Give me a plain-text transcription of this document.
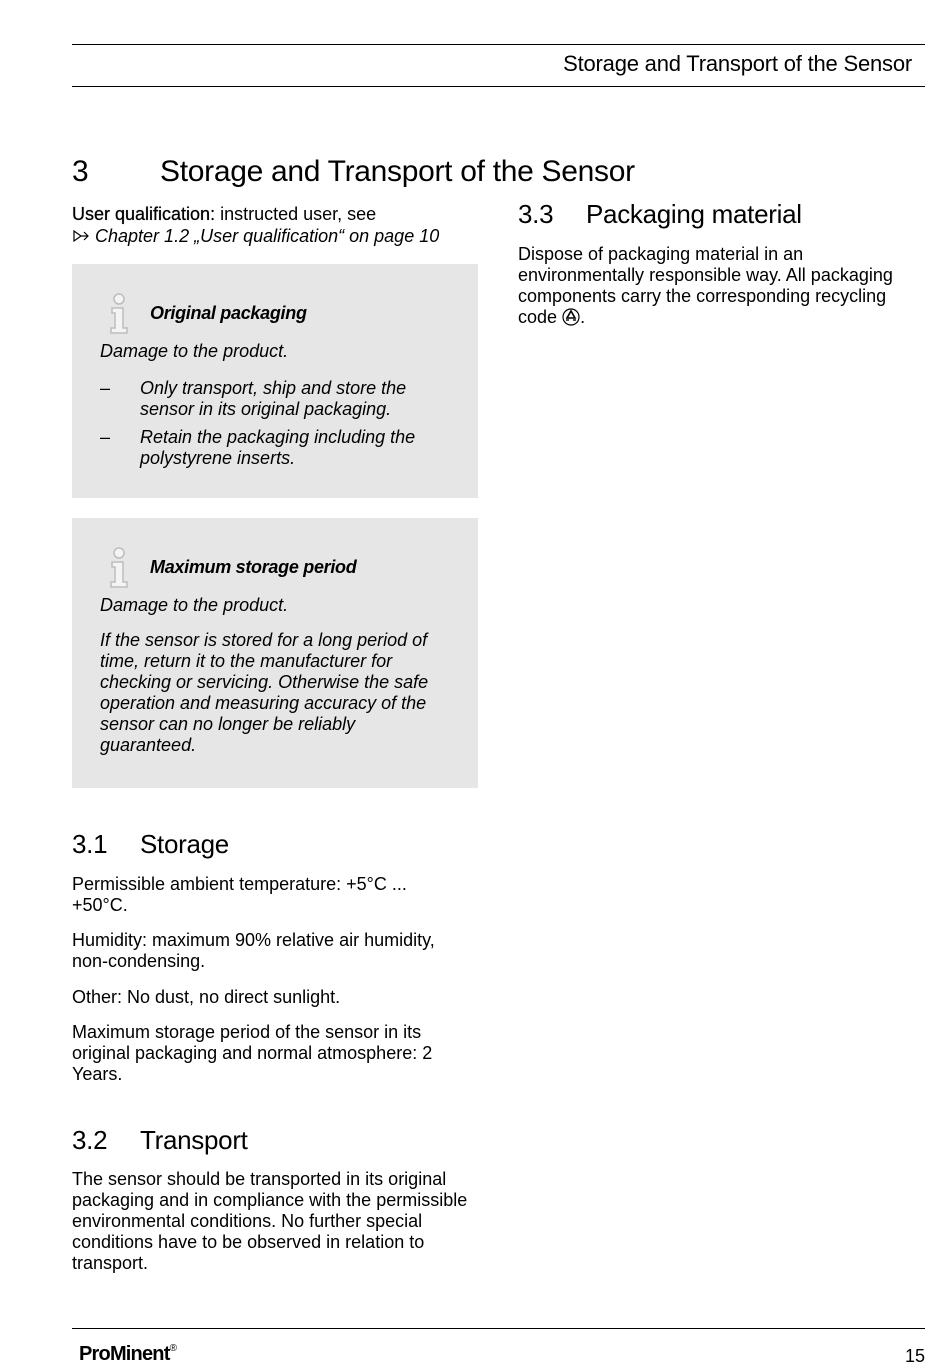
Storage and Transport of the Sensor
3 Storage and Transport of the Sensor
User qualification: instructed user, see
Chapter 1.2 „User qualification“ on page 10
Original packaging

Damage to the product.

– Only transport, ship and store the sensor in its original packaging.
– Retain the packaging including the polystyrene inserts.
Maximum storage period

Damage to the product.

If the sensor is stored for a long period of time, return it to the manufacturer for checking or servicing. Otherwise the safe operation and measuring accuracy of the sensor can no longer be reliably guaranteed.

3.1 Storage

Permissible ambient temperature: +5°C ... +50°C.

Humidity: maximum 90% relative air humidity, non-condensing.

Other: No dust, no direct sunlight.

Maximum storage period of the sensor in its original packaging and normal atmosphere: 2 Years.

3.2 Transport

The sensor should be transported in its original packaging and in compliance with the permissible environmental conditions. No further special conditions have to be observed in relation to transport.

3.3 Packaging material

Dispose of packaging material in an environmentally responsible way. All packaging components carry the corresponding recycling code .

ProMinent®	15
